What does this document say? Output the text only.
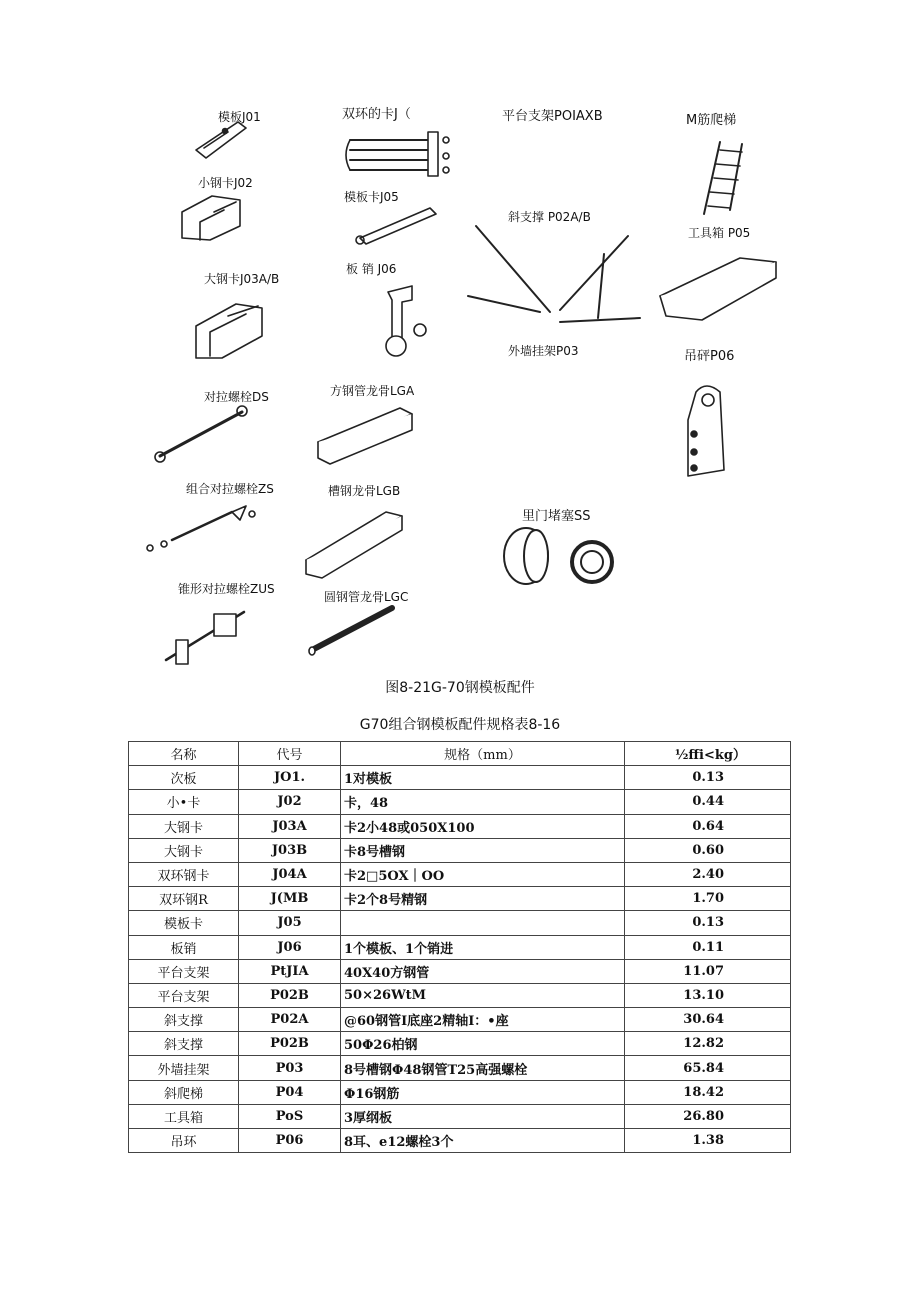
模板J01	双环的卡J（	平台支架POIAXB	M筋爬梯
小钢卡J02
模板卡J05
斜支撑 P02A/B
工具箱 P05
大钢卡J03A/B
板 销 J06
外墙挂架P03	吊砰P06
对拉螺栓DS	方钢管龙骨LGA
组合对拉螺栓ZS	槽钢龙骨LGB
里门堵塞SS
锥形对拉螺栓ZUS
圆钢管龙骨LGC
图8-21G-70钢模板配件
G70组合钢模板配件规格表8-16
名称	代号	规格（mm）	½ffi<kg）
次板	JO1.	1对模板	0.13
小•卡	J02	卡，48	0.44
大钢卡	J03A	卡2小48或050X100	0.64
大钢卡	J03B	卡8号槽钢	0.60
双环钢卡	J04A	卡2□5OX｜OO	2.40
双环钢R	J(MB	卡2个8号精钢	1.70
模板卡	J05		0.13
板销	J06	1个模板、1个销进	0.11
平台支架	PtJIA	40X40方钢管	11.07
平台支架	P02B	50×26WtM	13.10
斜支撑	P02A	@60钢管I底座2精轴I：•座	30.64
斜支撑	P02B	50Φ26柏钢	12.82
外墙挂架	P03	8号槽钢Φ48钢管T25高强螺栓	65.84
斜爬梯	P04	Φ16钢筋	18.42
工具箱	PoS	3厚纲板	26.80
吊环	P06	8耳、e12螺栓3个	1.38
